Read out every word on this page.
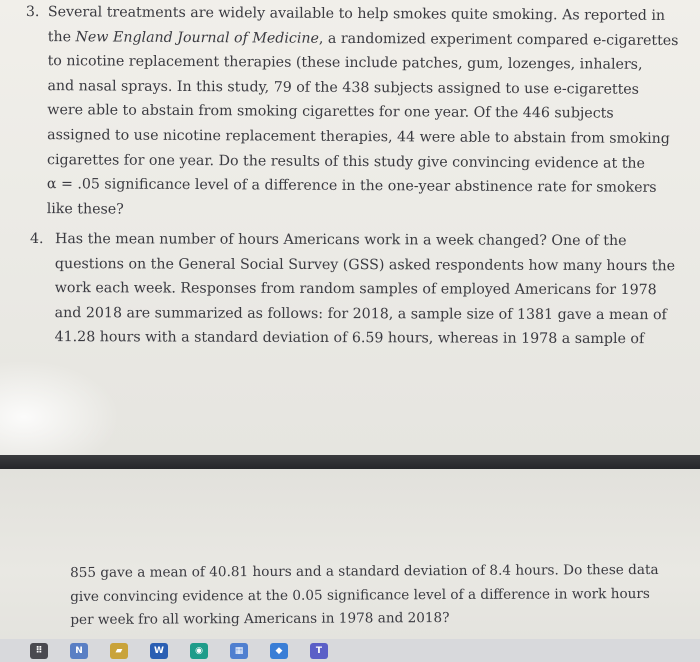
3. Several treatments are widely available to help smokes quite smoking. As reported in
the New England Journal of Medicine, a randomized experiment compared e-cigarettes
to nicotine replacement therapies (these include patches, gum, lozenges, inhalers,
and nasal sprays. In this study, 79 of the 438 subjects assigned to use e-cigarettes
were able to abstain from smoking cigarettes for one year. Of the 446 subjects
assigned to use nicotine replacement therapies, 44 were able to abstain from smoking
cigarettes for one year. Do the results of this study give convincing evidence at the
α = .05 significance level of a difference in the one-year abstinence rate for smokers
like these?

4. Has the mean number of hours Americans work in a week changed? One of the
questions on the General Social Survey (GSS) asked respondents how many hours the
work each week. Responses from random samples of employed Americans for 1978
and 2018 are summarized as follows: for 2018, a sample size of 1381 gave a mean of
41.28 hours with a standard deviation of 6.59 hours, whereas in 1978 a sample of

855 gave a mean of 40.81 hours and a standard deviation of 8.4 hours. Do these data
give convincing evidence at the 0.05 significance level of a difference in work hours
per week fro all working Americans in 1978 and 2018?

⠿	N	▰	W	◉	▦	◆	T
